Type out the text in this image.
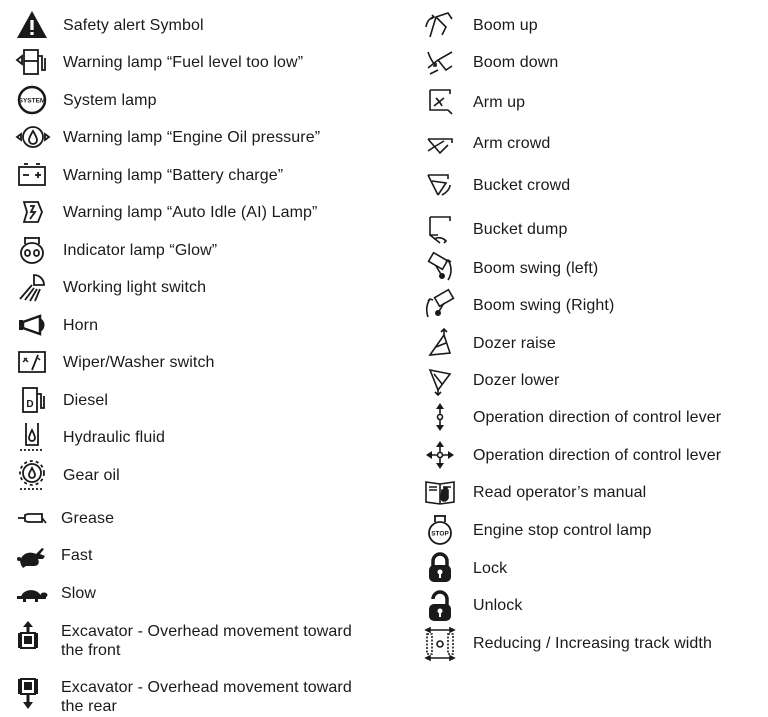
Safety alert Symbol
Warning lamp “Fuel level too low”
SYSTEM System lamp
Warning lamp “Engine Oil pressure”
Warning lamp “Battery charge”
Warning lamp “Auto Idle (AI) Lamp”
Indicator lamp “Glow”
Working light switch
Horn
Wiper/Washer switch
D Diesel
Hydraulic fluid
Gear oil
Grease
Fast
Slow
Excavator - Overhead movement toward the front
Excavator - Overhead movement toward the rear
Boom up
Boom down
Arm up
Arm crowd
Bucket crowd
Bucket dump
Boom swing (left)
Boom swing (Right)
Dozer raise
Dozer lower
Operation direction of control lever
Operation direction of control lever
Read operator’s manual
STOP Engine stop control lamp
Lock
Unlock
Reducing / Increasing track width
